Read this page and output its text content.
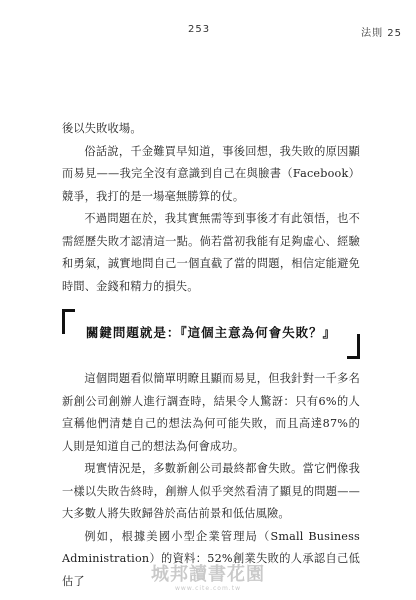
253	法則 25

後以失敗收場。

俗話說，千金難買早知道，事後回想，我失敗的原因顯而易見——我完全沒有意識到自己在與臉書（Facebook）競爭，我打的是一場毫無勝算的仗。

不過問題在於，我其實無需等到事後才有此領悟，也不需經歷失敗才認清這一點。倘若當初我能有足夠虛心、經驗和勇氣，誠實地問自己一個直截了當的問題，相信定能避免時間、金錢和精力的損失。

關鍵問題就是：『這個主意為何會失敗？』

這個問題看似簡單明瞭且顯而易見，但我針對一千多名新創公司創辦人進行調查時，結果令人驚訝：只有6%的人宣稱他們清楚自己的想法為何可能失敗，而且高達87%的人則是知道自己的想法為何會成功。

現實情況是，多數新創公司最終都會失敗。當它們像我一樣以失敗告終時，創辦人似乎突然看清了顯見的問題——大多數人將失敗歸咎於高估前景和低估風險。

例如，根據美國小型企業管理局（Small Business Administration）的資料：52%創業失敗的人承認自己低估了	城邦讀書花園
www.cite.com.tw
